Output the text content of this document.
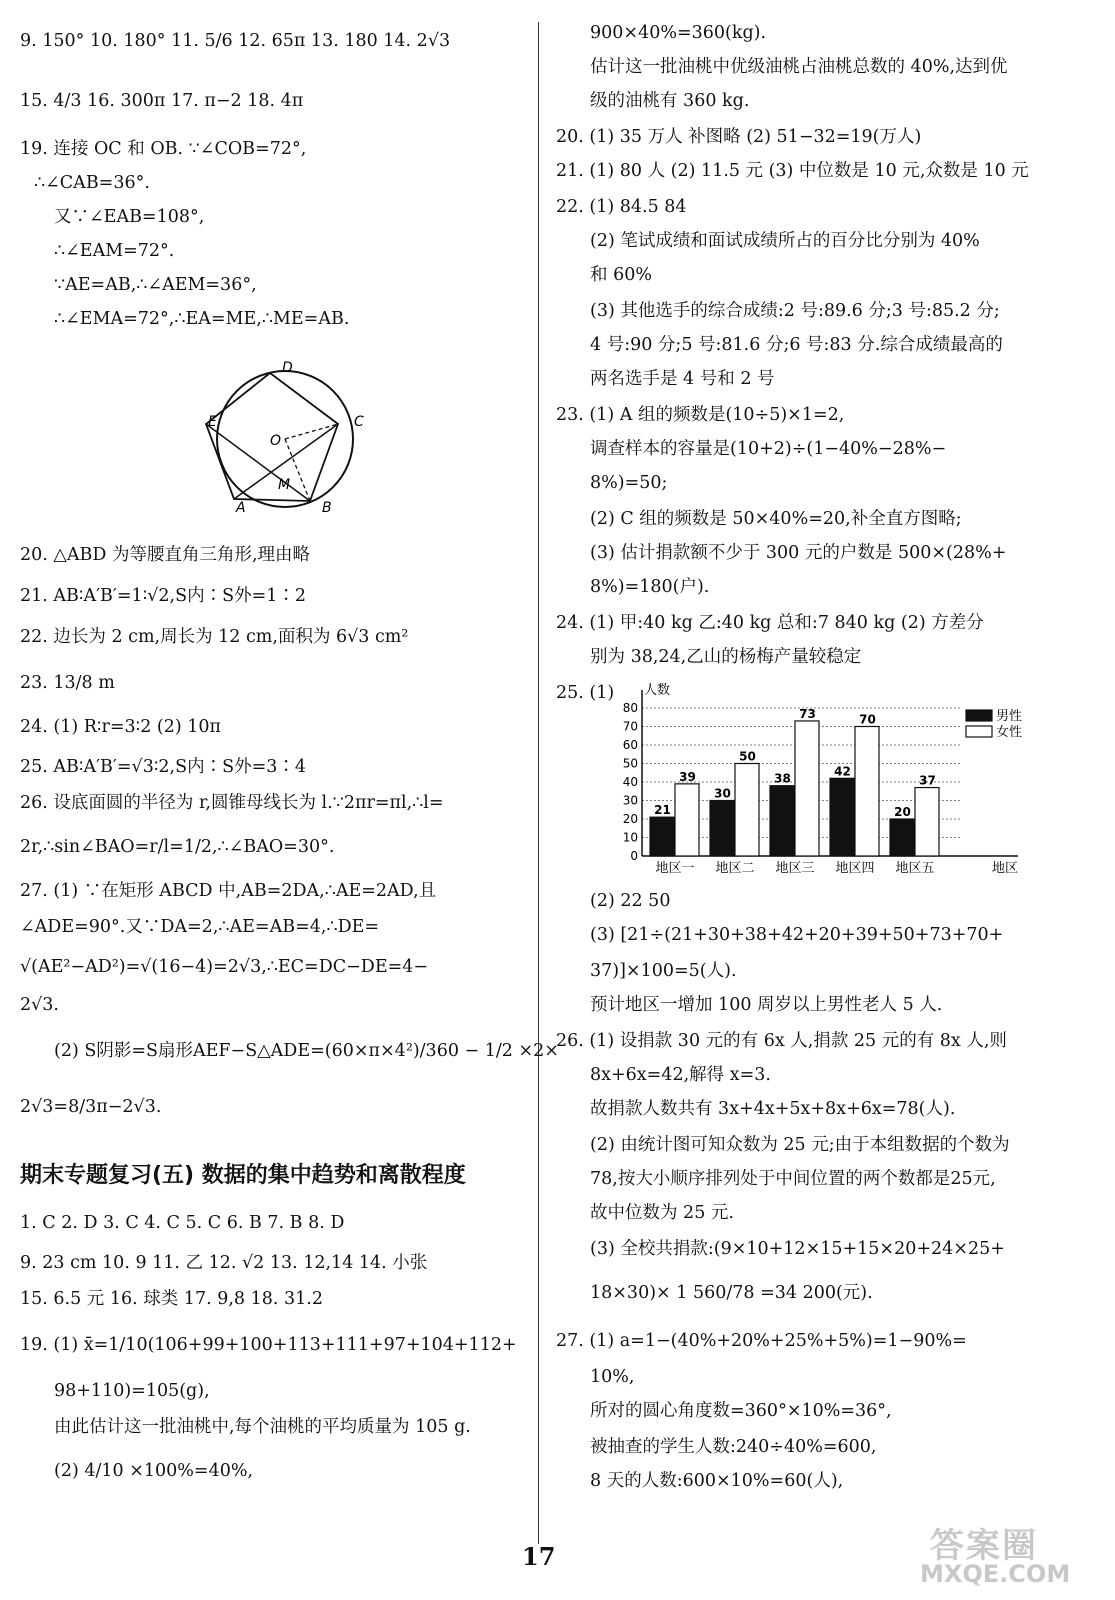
9. 150° 10. 180° 11. 5/6 12. 65π 13. 180 14. 2√3
15. 4/3 16. 300π 17. π−2 18. 4π
19. 连接 OC 和 OB. ∵∠COB=72°,
∴∠CAB=36°.
又∵∠EAB=108°,
∴∠EAM=72°.
∵AE=AB,∴∠AEM=36°,
∴∠EMA=72°,∴EA=ME,∴ME=AB.
D
C
E
O
M
A	B
20. △ABD 为等腰直角三角形,理由略
21. AB∶A′B′=1∶√2,S内∶S外=1∶2
22. 边长为 2 cm,周长为 12 cm,面积为 6√3 cm²
23. 13/8 m
24. (1) R∶r=3∶2 (2) 10π
25. AB∶A′B′=√3∶2,S内∶S外=3∶4
26. 设底面圆的半径为 r,圆锥母线长为 l.∵2πr=πl,∴l=
2r,∴sin∠BAO=r/l=1/2,∴∠BAO=30°.
27. (1) ∵在矩形 ABCD 中,AB=2DA,∴AE=2AD,且
∠ADE=90°.又∵DA=2,∴AE=AB=4,∴DE=
√(AE²−AD²)=√(16−4)=2√3,∴EC=DC−DE=4−
2√3.
(2) S阴影=S扇形AEF−S△ADE=(60×π×4²)/360 − 1/2 ×2×
2√3=8/3π−2√3.
期末专题复习(五) 数据的集中趋势和离散程度
1. C 2. D 3. C 4. C 5. C 6. B 7. B 8. D
9. 23 cm 10. 9 11. 乙 12. √2 13. 12,14 14. 小张
15. 6.5 元 16. 球类 17. 9,8 18. 31.2
19. (1) x̄=1/10(106+99+100+113+111+97+104+112+
98+110)=105(g),
由此估计这一批油桃中,每个油桃的平均质量为 105 g.
(2) 4/10 ×100%=40%,
900×40%=360(kg).
估计这一批油桃中优级油桃占油桃总数的 40%,达到优
级的油桃有 360 kg.
20. (1) 35 万人 补图略 (2) 51−32=19(万人)
21. (1) 80 人 (2) 11.5 元 (3) 中位数是 10 元,众数是 10 元
22. (1) 84.5 84
(2) 笔试成绩和面试成绩所占的百分比分别为 40%
和 60%
(3) 其他选手的综合成绩:2 号:89.6 分;3 号:85.2 分;
4 号:90 分;5 号:81.6 分;6 号:83 分.综合成绩最高的
两名选手是 4 号和 2 号
23. (1) A 组的频数是(10÷5)×1=2,
调查样本的容量是(10+2)÷(1−40%−28%−
8%)=50;
(2) C 组的频数是 50×40%=20,补全直方图略;
(3) 估计捐款额不少于 300 元的户数是 500×(28%+
8%)=180(户).
24. (1) 甲:40 kg 乙:40 kg 总和:7 840 kg (2) 方差分
别为 38,24,乙山的杨梅产量较稳定
25. (1)
0
10
20
30
40
50
60
70
80
人数
地区
21
39
地区一
30
50
地区二
38
73
地区三
42
70
地区四
20
37
地区五
男性
女性
(2) 22 50
(3) [21÷(21+30+38+42+20+39+50+73+70+
37)]×100=5(人).
预计地区一增加 100 周岁以上男性老人 5 人.
26. (1) 设捐款 30 元的有 6x 人,捐款 25 元的有 8x 人,则
8x+6x=42,解得 x=3.
故捐款人数共有 3x+4x+5x+8x+6x=78(人).
(2) 由统计图可知众数为 25 元;由于本组数据的个数为
78,按大小顺序排列处于中间位置的两个数都是25元,
故中位数为 25 元.
(3) 全校共捐款:(9×10+12×15+15×20+24×25+
18×30)× 1 560/78 =34 200(元).
27. (1) a=1−(40%+20%+25%+5%)=1−90%=
10%,
所对的圆心角度数=360°×10%=36°,
被抽查的学生人数:240÷40%=600,
8 天的人数:600×10%=60(人),
17	答案圈
MXQE.COM
